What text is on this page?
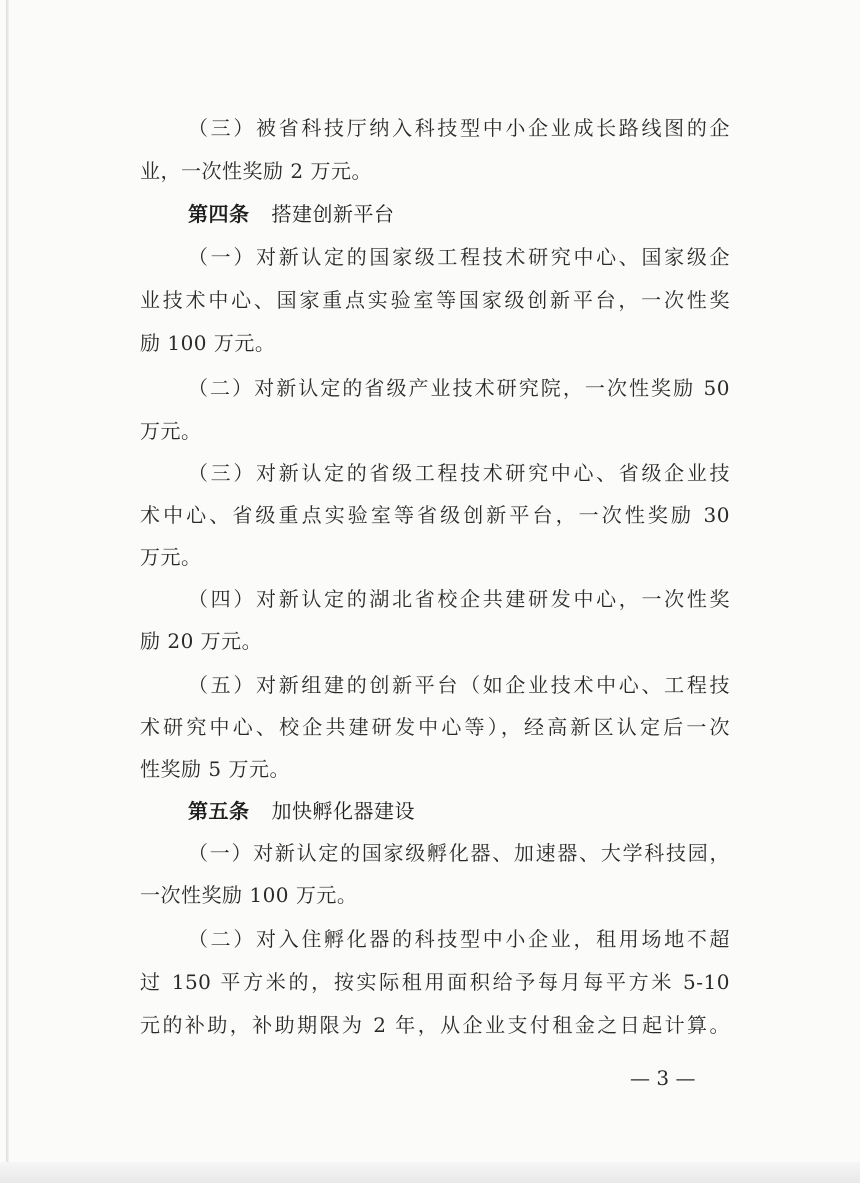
（三）被省科技厅纳入科技型中小企业成长路线图的企
业，一次性奖励 2 万元。
第四条 搭建创新平台
（一）对新认定的国家级工程技术研究中心、国家级企
业技术中心、国家重点实验室等国家级创新平台，一次性奖
励 100 万元。
（二）对新认定的省级产业技术研究院，一次性奖励 50
万元。
（三）对新认定的省级工程技术研究中心、省级企业技
术中心、省级重点实验室等省级创新平台，一次性奖励 30
万元。
（四）对新认定的湖北省校企共建研发中心，一次性奖
励 20 万元。
（五）对新组建的创新平台（如企业技术中心、工程技
术研究中心、校企共建研发中心等），经高新区认定后一次
性奖励 5 万元。
第五条 加快孵化器建设
（一）对新认定的国家级孵化器、加速器、大学科技园，
一次性奖励 100 万元。
（二）对入住孵化器的科技型中小企业，租用场地不超
过 150 平方米的，按实际租用面积给予每月每平方米 5-10
元的补助，补助期限为 2 年，从企业支付租金之日起计算。
— 3 —
